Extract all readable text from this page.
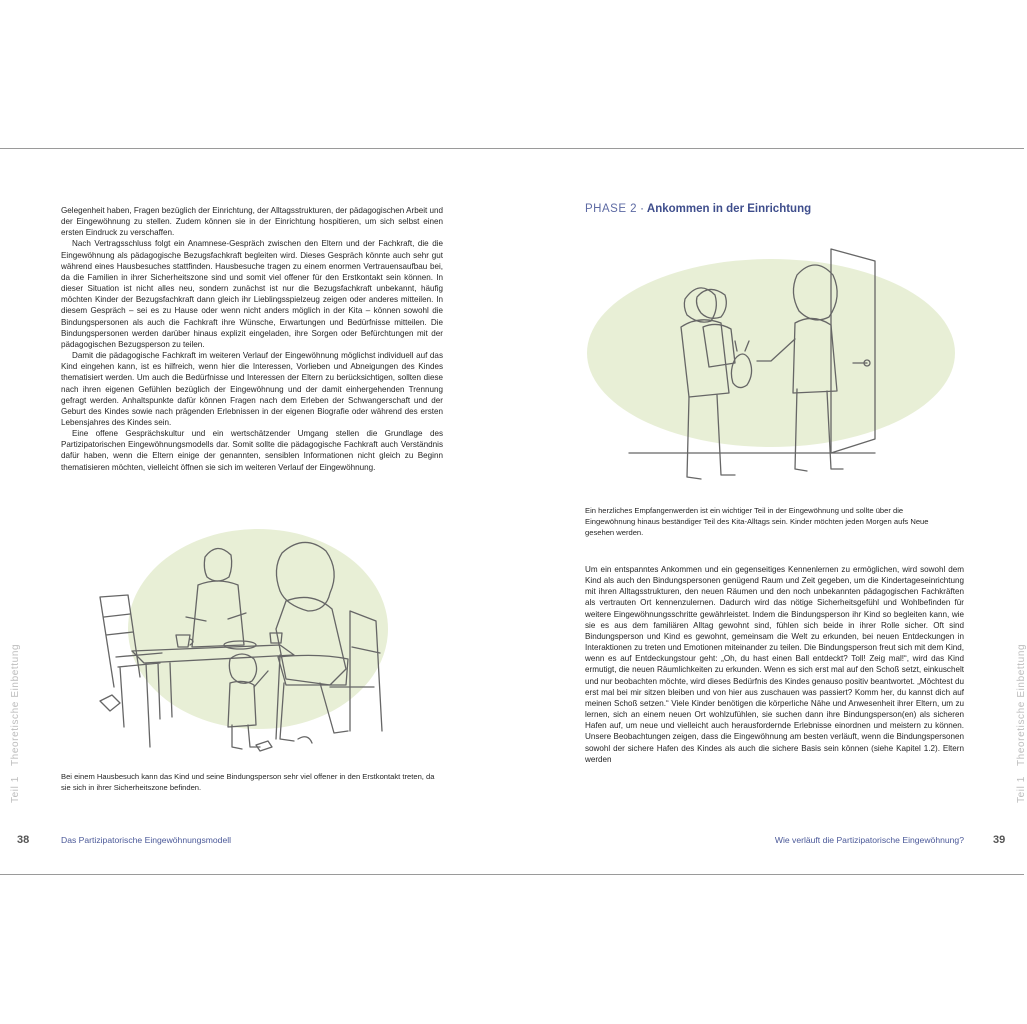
Gelegenheit haben, Fragen bezüglich der Einrichtung, der Alltagsstrukturen, der pädagogischen Arbeit und der Eingewöhnung zu stellen. Zudem können sie in der Einrichtung hospitieren, um sich selbst einen ersten Eindruck zu verschaffen.

Nach Vertragsschluss folgt ein Anamnese-Gespräch zwischen den Eltern und der Fachkraft, die die Eingewöhnung als pädagogische Bezugsfachkraft begleiten wird. Dieses Gespräch könnte auch sehr gut während eines Hausbesuches stattfinden. Hausbesuche tragen zu einem enormen Vertrauensaufbau bei, da die Familien in ihrer Sicherheitszone sind und somit viel offener für den Erstkontakt sein können. In dieser Situation ist nicht alles neu, sondern zunächst ist nur die Bezugsfachkraft unbekannt, häufig möchten Kinder der Bezugsfachkraft dann gleich ihr Lieblingsspielzeug zeigen oder anderes mitteilen. In diesem Gespräch – sei es zu Hause oder wenn nicht anders möglich in der Kita – können sowohl die Bindungspersonen als auch die Fachkraft ihre Wünsche, Erwartungen und Bedürfnisse mitteilen. Die Bindungspersonen werden darüber hinaus explizit eingeladen, ihre Sorgen oder Befürchtungen mit der pädagogischen Bezugsperson zu teilen.

Damit die pädagogische Fachkraft im weiteren Verlauf der Eingewöhnung möglichst individuell auf das Kind eingehen kann, ist es hilfreich, wenn hier die Interessen, Vorlieben und Abneigungen des Kindes thematisiert werden. Um auch die Bedürfnisse und Interessen der Eltern zu berücksichtigen, sollten diese nach ihren eigenen Gefühlen bezüglich der Eingewöhnung und der damit einhergehenden Trennung gefragt werden. Anhaltspunkte dafür können Fragen nach dem Erleben der Schwangerschaft und der Geburt des Kindes sowie nach prägenden Erlebnissen in der eigenen Biografie oder während des ersten Lebensjahres des Kindes sein.

Eine offene Gesprächskultur und ein wertschätzender Umgang stellen die Grundlage des Partizipatorischen Eingewöhnungsmodells dar. Somit sollte die pädagogische Fachkraft auch Verständnis dafür haben, wenn die Eltern einige der genannten, sensiblen Informationen nicht gleich zu Beginn thematisieren möchten, vielleicht öffnen sie sich im weiteren Verlauf der Eingewöhnung.

Bei einem Hausbesuch kann das Kind und seine Bindungsperson sehr viel offener in den Erstkontakt treten, da sie sich in ihrer Sicherheitszone befinden.
Teil 1Theoretische Einbettung
38	Das Partizipatorische Eingewöhnungsmodell
PHASE 2 · Ankommen in der Einrichtung
Ein herzliches Empfangenwerden ist ein wichtiger Teil in der Eingewöhnung und sollte über die Eingewöhnung hinaus beständiger Teil des Kita-Alltags sein. Kinder möchten jeden Morgen aufs Neue gesehen werden.

Um ein entspanntes Ankommen und ein gegenseitiges Kennenlernen zu ermöglichen, wird sowohl dem Kind als auch den Bindungspersonen genügend Raum und Zeit gegeben, um die Kindertageseinrichtung mit ihren Alltagsstrukturen, den neuen Räumen und den noch unbekannten pädagogischen Fachkräften als vertrauten Ort kennenzulernen. Dadurch wird das nötige Sicherheitsgefühl und Wohlbefinden für weitere Eingewöhnungsschritte gewährleistet. Indem die Bindungsperson ihr Kind so begleiten kann, wie sie es aus dem familiären Alltag gewohnt sind, fühlen sich beide in ihrer Rolle sicher. Oft sind Bindungsperson und Kind es gewohnt, gemeinsam die Welt zu erkunden, bei neuen Entdeckungen in Interaktionen zu treten und Emotionen miteinander zu teilen. Die Bindungsperson freut sich mit dem Kind, wenn es auf Entdeckungstour geht: „Oh, du hast einen Ball entdeckt? Toll! Zeig mal!“, wird das Kind ermutigt, die neuen Räumlichkeiten zu erkunden. Wenn es sich erst mal auf den Schoß setzt, einkuschelt und nur beobachten möchte, wird dieses Bedürfnis des Kindes genauso positiv beantwortet. „Möchtest du erst mal bei mir sitzen bleiben und von hier aus zuschauen was passiert? Komm her, du kannst dich auf meinen Schoß setzen.“ Viele Kinder benötigen die körperliche Nähe und Anwesenheit ihrer Eltern, um zu lernen, sich an einem neuen Ort wohlzufühlen, sie suchen dann ihre Bindungsperson(en) als sicheren Hafen auf, um neue und vielleicht auch herausfordernde Erlebnisse einordnen und meistern zu können. Unsere Beobachtungen zeigen, dass die Eingewöhnung am besten verläuft, wenn die Bindungspersonen sowohl der sichere Hafen des Kindes als auch die sichere Basis sein können (siehe Kapitel 1.2). Eltern werden

Teil 1Theoretische Einbettung
Wie verläuft die Partizipatorische Eingewöhnung?	39
